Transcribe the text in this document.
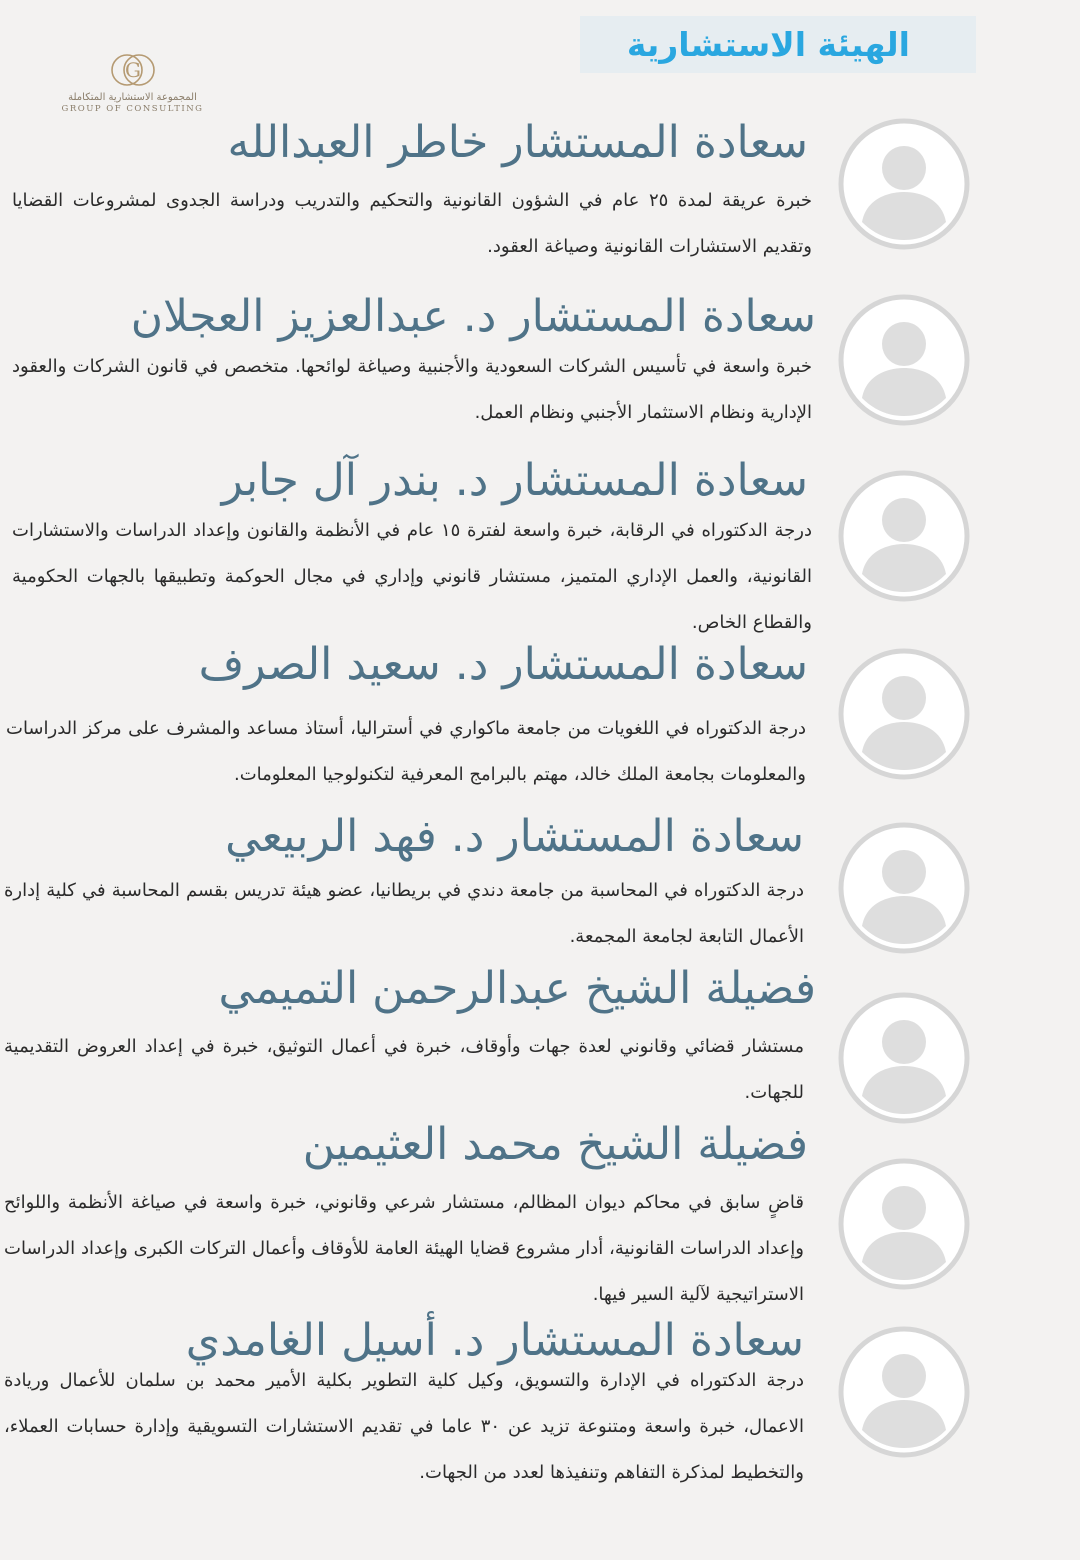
الهيئة الاستشارية
G
المجموعة الاستشارية المتكاملة
GROUP OF CONSULTING
سعادة المستشار خاطر العبدالله

خبرة عريقة لمدة ٢٥ عام في الشؤون القانونية والتحكيم والتدريب ودراسة الجدوى لمشروعات القضايا وتقديم الاستشارات القانونية وصياغة العقود.

سعادة المستشار د. عبدالعزيز العجلان

خبرة واسعة في تأسيس الشركات السعودية والأجنبية وصياغة لوائحها. متخصص في قانون الشركات والعقود الإدارية ونظام الاستثمار الأجنبي ونظام العمل.

سعادة المستشار د. بندر آل جابر

درجة الدكتوراه في الرقابة، خبرة واسعة لفترة ١٥ عام في الأنظمة والقانون وإعداد الدراسات والاستشارات القانونية، والعمل الإداري المتميز، مستشار قانوني وإداري في مجال الحوكمة وتطبيقها بالجهات الحكومية والقطاع الخاص.

سعادة المستشار د. سعيد الصرف

درجة الدكتوراه في اللغويات من جامعة ماكواري في أستراليا، أستاذ مساعد والمشرف على مركز الدراسات والمعلومات بجامعة الملك خالد، مهتم بالبرامج المعرفية لتكنولوجيا المعلومات.

سعادة المستشار د. فهد الربيعي

درجة الدكتوراه في المحاسبة من جامعة دندي في بريطانيا، عضو هيئة تدريس بقسم المحاسبة في كلية إدارة الأعمال التابعة لجامعة المجمعة.

فضيلة الشيخ عبدالرحمن التميمي

مستشار قضائي وقانوني لعدة جهات وأوقاف، خبرة في أعمال التوثيق، خبرة في إعداد العروض التقديمية للجهات.

فضيلة الشيخ محمد العثيمين

قاضٍ سابق في محاكم ديوان المظالم، مستشار شرعي وقانوني، خبرة واسعة في صياغة الأنظمة واللوائح وإعداد الدراسات القانونية، أدار مشروع قضايا الهيئة العامة للأوقاف وأعمال التركات الكبرى وإعداد الدراسات الاستراتيجية لآلية السير فيها.

سعادة المستشار د. أسيل الغامدي

درجة الدكتوراه في الإدارة والتسويق، وكيل كلية التطوير بكلية الأمير محمد بن سلمان للأعمال وريادة الاعمال، خبرة واسعة ومتنوعة تزيد عن ٣٠ عاما في تقديم الاستشارات التسويقية وإدارة حسابات العملاء، والتخطيط لمذكرة التفاهم وتنفيذها لعدد من الجهات.
